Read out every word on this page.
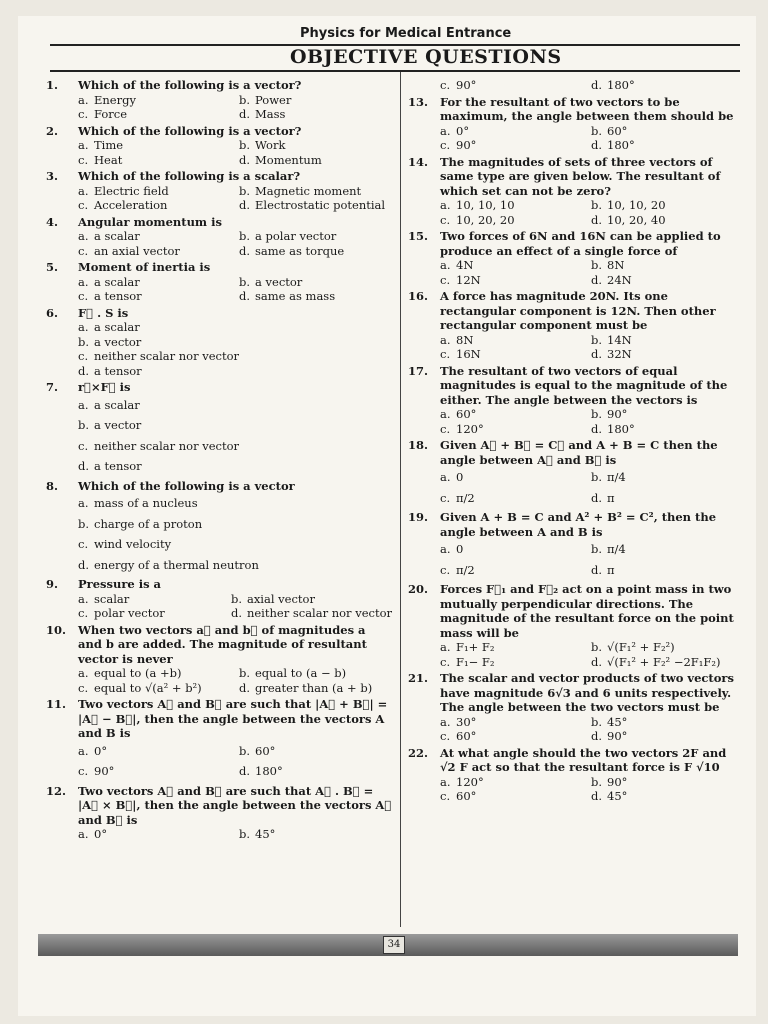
Physics for Medical Entrance
OBJECTIVE QUESTIONS
1.	Which of the following is a vector?
a. Energy	b. Power
c. Force	d. Mass
2.	Which of the following is a vector?
a. Time	b. Work
c. Heat	d. Momentum
3.	Which of the following is a scalar?
a. Electric field	b. Magnetic moment
c. Acceleration	d. Electrostatic potential
4.	Angular momentum is
a. a scalar	b. a polar vector
c. an axial vector	d. same as torque
5.	Moment of inertia is
a. a scalar	b. a vector
c. a tensor	d. same as mass
6.	F⃗ . S is
a. a scalar
b. a vector
c. neither scalar nor vector
d. a tensor
7.	r⃗×F⃗ is
a. a scalar
b. a vector
c. neither scalar nor vector
d. a tensor
8.	Which of the following is a vector
a. mass of a nucleus
b. charge of a proton
c. wind velocity
d. energy of a thermal neutron
9.	Pressure is a
a. scalar	b. axial vector
c. polar vector	d. neither scalar nor vector
10.	When two vectors a⃗ and b⃗ of magnitudes a and b are added. The magnitude of resultant vector is never
a. equal to (a +b)	b. equal to (a − b)
c. equal to √(a² + b²)	d. greater than (a + b)
11.	Two vectors A⃗ and B⃗ are such that |A⃗ + B⃗| = |A⃗ − B⃗|, then the angle between the vectors A and B is
a. 0°	b. 60°
c. 90°	d. 180°
12.	Two vectors A⃗ and B⃗ are such that A⃗ . B⃗ = |A⃗ × B⃗|, then the angle between the vectors A⃗ and B⃗ is
a. 0°	b. 45°
c. 90°	d. 180°
13.	For the resultant of two vectors to be maximum, the angle between them should be
a. 0°	b. 60°
c. 90°	d. 180°
14.	The magnitudes of sets of three vectors of same type are given below. The resultant of which set can not be zero?
a. 10, 10, 10	b. 10, 10, 20
c. 10, 20, 20	d. 10, 20, 40
15.	Two forces of 6N and 16N can be applied to produce an effect of a single force of
a. 4N	b. 8N
c. 12N	d. 24N
16.	A force has magnitude 20N. Its one rectangular component is 12N. Then other rectangular component must be
a. 8N	b. 14N
c. 16N	d. 32N
17.	The resultant of two vectors of equal magnitudes is equal to the magnitude of the either. The angle between the vectors is
a. 60°	b. 90°
c. 120°	d. 180°
18.	Given A⃗ + B⃗ = C⃗ and A + B = C then the angle between A⃗ and B⃗ is
a. 0	b. π/4
c. π/2	d. π
19.	Given A + B = C and A² + B² = C², then the angle between A and B is
a. 0	b. π/4
c. π/2	d. π
20.	Forces F⃗₁ and F⃗₂ act on a point mass in two mutually perpendicular directions. The magnitude of the resultant force on the point mass will be
a. F₁+ F₂	b. √(F₁² + F₂²)
c. F₁− F₂	d. √(F₁² + F₂² −2F₁F₂)
21.	The scalar and vector products of two vectors have magnitude 6√3 and 6 units respectively. The angle between the two vectors must be
a. 30°	b. 45°
c. 60°	d. 90°
22.	At what angle should the two vectors 2F and √2 F act so that the resultant force is F √10
a. 120°	b. 90°
c. 60°	d. 45°
34
